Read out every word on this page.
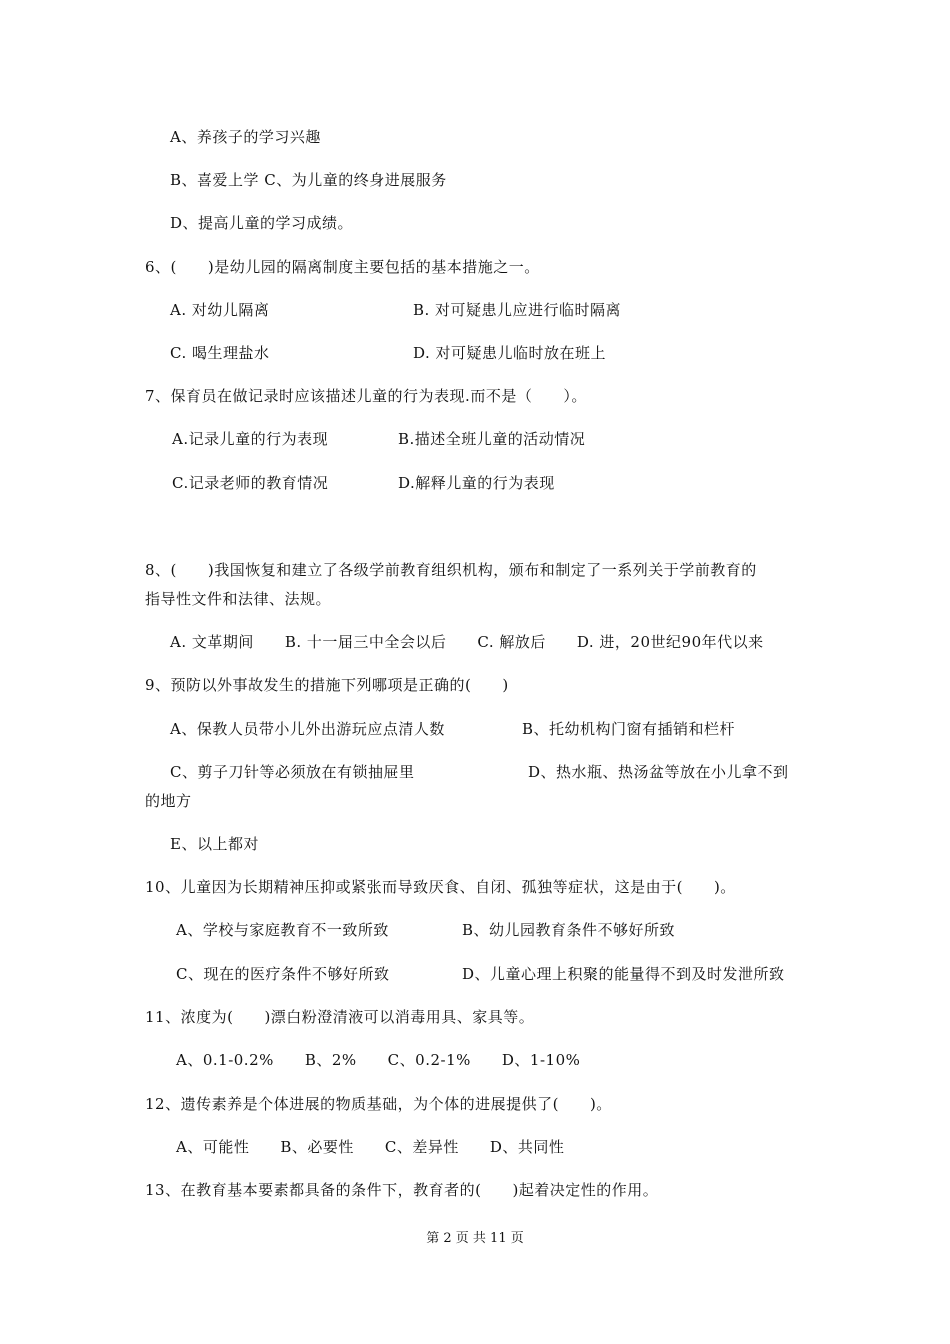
A、养孩子的学习兴趣
B、喜爱上学 C、为儿童的终身进展服务
D、提高儿童的学习成绩。
6、(　　)是幼儿园的隔离制度主要包括的基本措施之一。
A. 对幼儿隔离	B. 对可疑患儿应进行临时隔离
C. 喝生理盐水	D. 对可疑患儿临时放在班上
7、保育员在做记录时应该描述儿童的行为表现.而不是（　　）。
A.记录儿童的行为表现	B.描述全班儿童的活动情况
C.记录老师的教育情况	D.解释儿童的行为表现
8、(　　)我国恢复和建立了各级学前教育组织机构，颁布和制定了一系列关于学前教育的
指导性文件和法律、法规。
A. 文革期间　　B. 十一届三中全会以后　　C. 解放后　　D. 进，20世纪90年代以来
9、预防以外事故发生的措施下列哪项是正确的(　　)
A、保教人员带小儿外出游玩应点清人数	B、托幼机构门窗有插销和栏杆
C、剪子刀针等必须放在有锁抽屉里	D、热水瓶、热汤盆等放在小儿拿不到
的地方
E、以上都对
10、儿童因为长期精神压抑或紧张而导致厌食、自闭、孤独等症状，这是由于(　　)。
A、学校与家庭教育不一致所致	B、幼儿园教育条件不够好所致
C、现在的医疗条件不够好所致	D、儿童心理上积聚的能量得不到及时发泄所致
11、浓度为(　　)漂白粉澄清液可以消毒用具、家具等。
A、0.1-0.2%　　B、2%　　C、0.2-1%　　D、1-10%
12、遗传素养是个体进展的物质基础，为个体的进展提供了(　　)。
A、可能性　　B、必要性　　C、差异性　　D、共同性
13、在教育基本要素都具备的条件下，教育者的(　　)起着决定性的作用。
第 2 页 共 11 页
